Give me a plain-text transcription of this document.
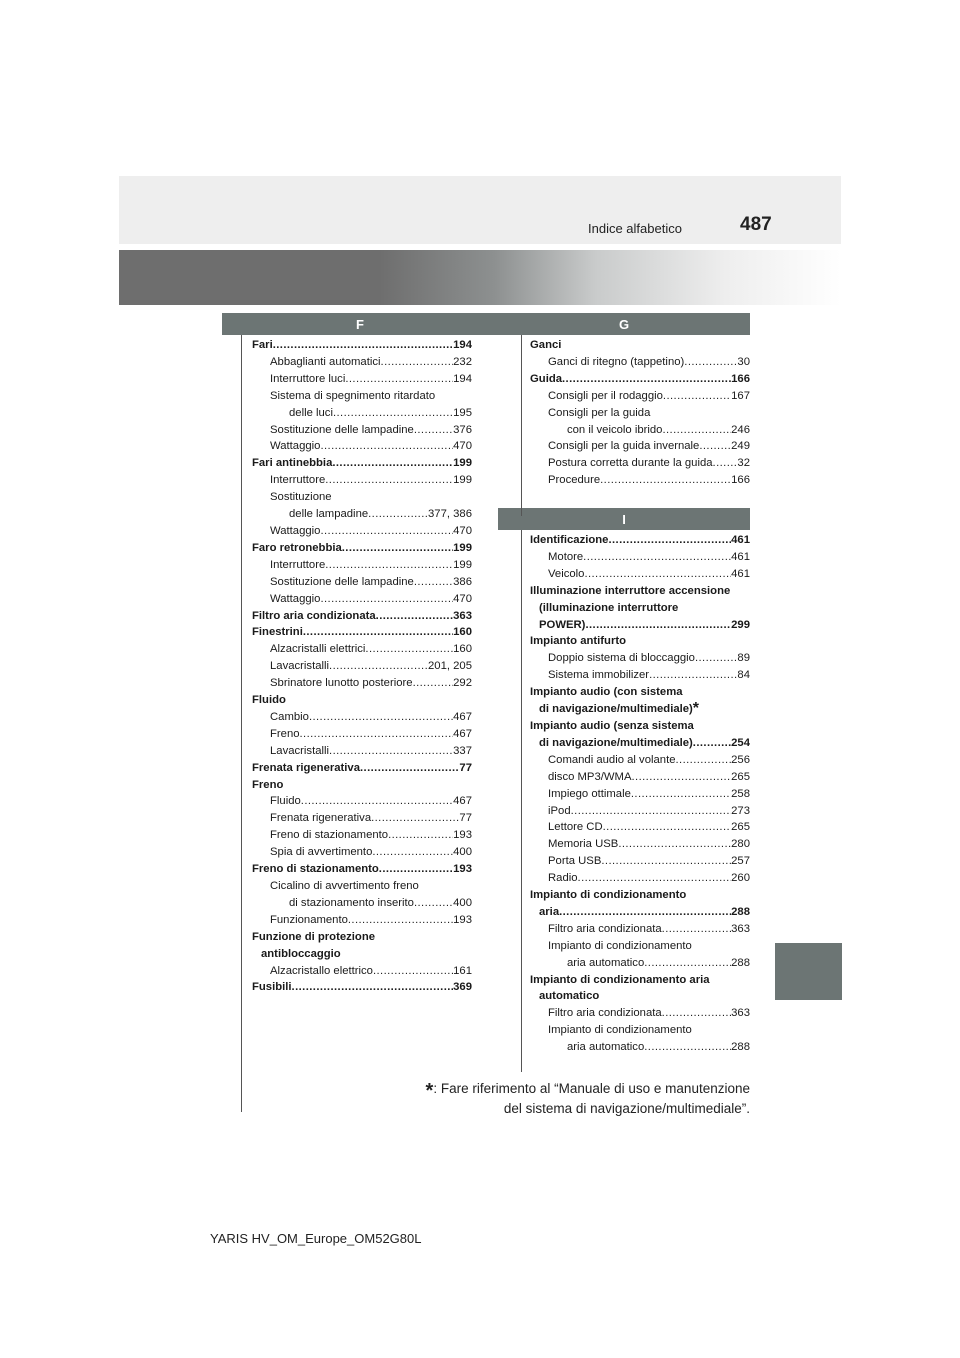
487
Indice alfabetico
F	G
I
Fari .....	194
Abbaglianti automatici .....	232
Interruttore luci .....	194
Sistema di spegnimento ritardato
delle luci .....	195
Sostituzione delle lampadine .....	376
Wattaggio .....	470
Fari antinebbia .....	199
Interruttore .....	199
Sostituzione
delle lampadine .....	377, 386
Wattaggio .....	470
Faro retronebbia .....	199
Interruttore .....	199
Sostituzione delle lampadine .....	386
Wattaggio .....	470
Filtro aria condizionata .....	363
Finestrini .....	160
Alzacristalli elettrici .....	160
Lavacristalli .....	201, 205
Sbrinatore lunotto posteriore .....	292
Fluido
Cambio .....	467
Freno .....	467
Lavacristalli .....	337
Frenata rigenerativa .....	77
Freno
Fluido .....	467
Frenata rigenerativa .....	77
Freno di stazionamento .....	193
Spia di avvertimento .....	400
Freno di stazionamento .....	193
Cicalino di avvertimento freno
di stazionamento inserito .....	400
Funzionamento .....	193
Funzione di protezione
antibloccaggio
Alzacristallo elettrico .....	161
Fusibili .....	369
Ganci
Ganci di ritegno (tappetino) .....	30
Guida .....	166
Consigli per il rodaggio .....	167
Consigli per la guida
con il veicolo ibrido .....	246
Consigli per la guida invernale .....	249
Postura corretta durante la guida ..... 32
Procedure .....	166
Identificazione .....	461
Motore .....	461
Veicolo .....	461
Illuminazione interruttore accensione
(illuminazione interruttore
POWER) .....	299
Impianto antifurto
Doppio sistema di bloccaggio .....	89
Sistema immobilizer .....	84
Impianto audio (con sistema
di navigazione/multimediale) *
Impianto audio (senza sistema
di navigazione/multimediale) .....	254
Comandi audio al volante .....	256
disco MP3/WMA .....	265
Impiego ottimale .....	258
iPod .....	273
Lettore CD .....	265
Memoria USB .....	280
Porta USB .....	257
Radio .....	260
Impianto di condizionamento
aria .....	288
Filtro aria condizionata .....	363
Impianto di condizionamento
aria automatico .....	288
Impianto di condizionamento aria
automatico
Filtro aria condizionata .....	363
Impianto di condizionamento
aria automatico .....	288
*: Fare riferimento al “Manuale di uso e manutenzione
del sistema di navigazione/multimediale”.
YARIS HV_OM_Europe_OM52G80L
